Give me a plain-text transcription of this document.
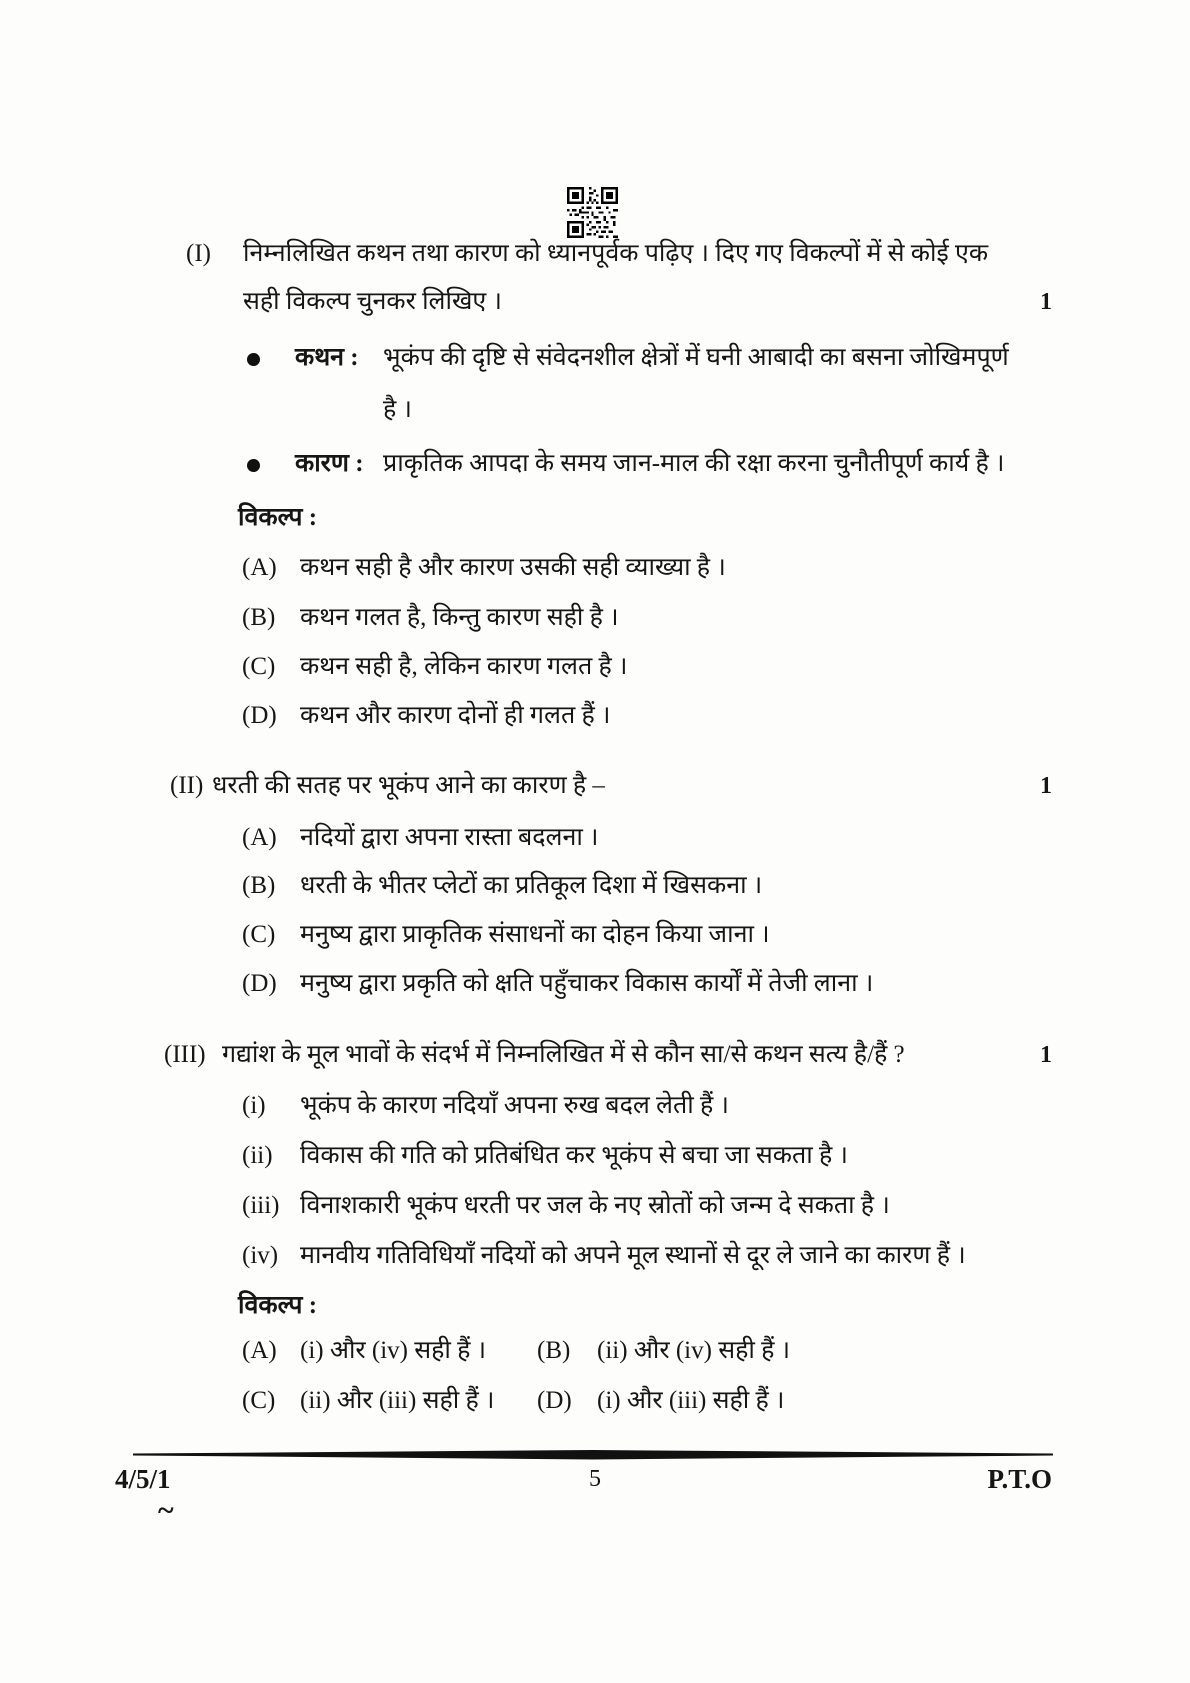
(I) निम्नलिखित कथन तथा कारण को ध्यानपूर्वक पढ़िए । दिए गए विकल्पों में से कोई एक
सही विकल्प चुनकर लिखिए ।	1
कथन : भूकंप की दृष्टि से संवेदनशील क्षेत्रों में घनी आबादी का बसना जोखिमपूर्ण
है ।
कारण : प्राकृतिक आपदा के समय जान-माल की रक्षा करना चुनौतीपूर्ण कार्य है ।
विकल्प :
(A) कथन सही है और कारण उसकी सही व्याख्या है ।
(B) कथन गलत है, किन्तु कारण सही है ।
(C) कथन सही है, लेकिन कारण गलत है ।
(D) कथन और कारण दोनों ही गलत हैं ।
(II) धरती की सतह पर भूकंप आने का कारण है –	1
(A) नदियों द्वारा अपना रास्ता बदलना ।
(B) धरती के भीतर प्लेटों का प्रतिकूल दिशा में खिसकना ।
(C) मनुष्य द्वारा प्राकृतिक संसाधनों का दोहन किया जाना ।
(D) मनुष्य द्वारा प्रकृति को क्षति पहुँचाकर विकास कार्यों में तेजी लाना ।
(III) गद्यांश के मूल भावों के संदर्भ में निम्नलिखित में से कौन सा/से कथन सत्य है/हैं ?	1
(i) भूकंप के कारण नदियाँ अपना रुख बदल लेती हैं ।
(ii) विकास की गति को प्रतिबंधित कर भूकंप से बचा जा सकता है ।
(iii) विनाशकारी भूकंप धरती पर जल के नए स्रोतों को जन्म दे सकता है ।
(iv) मानवीय गतिविधियाँ नदियों को अपने मूल स्थानों से दूर ले जाने का कारण हैं ।
विकल्प :
(A) (i) और (iv) सही हैं । (B) (ii) और (iv) सही हैं ।
(C) (ii) और (iii) सही हैं । (D) (i) और (iii) सही हैं ।
4/5/1	5	P.T.O
~
